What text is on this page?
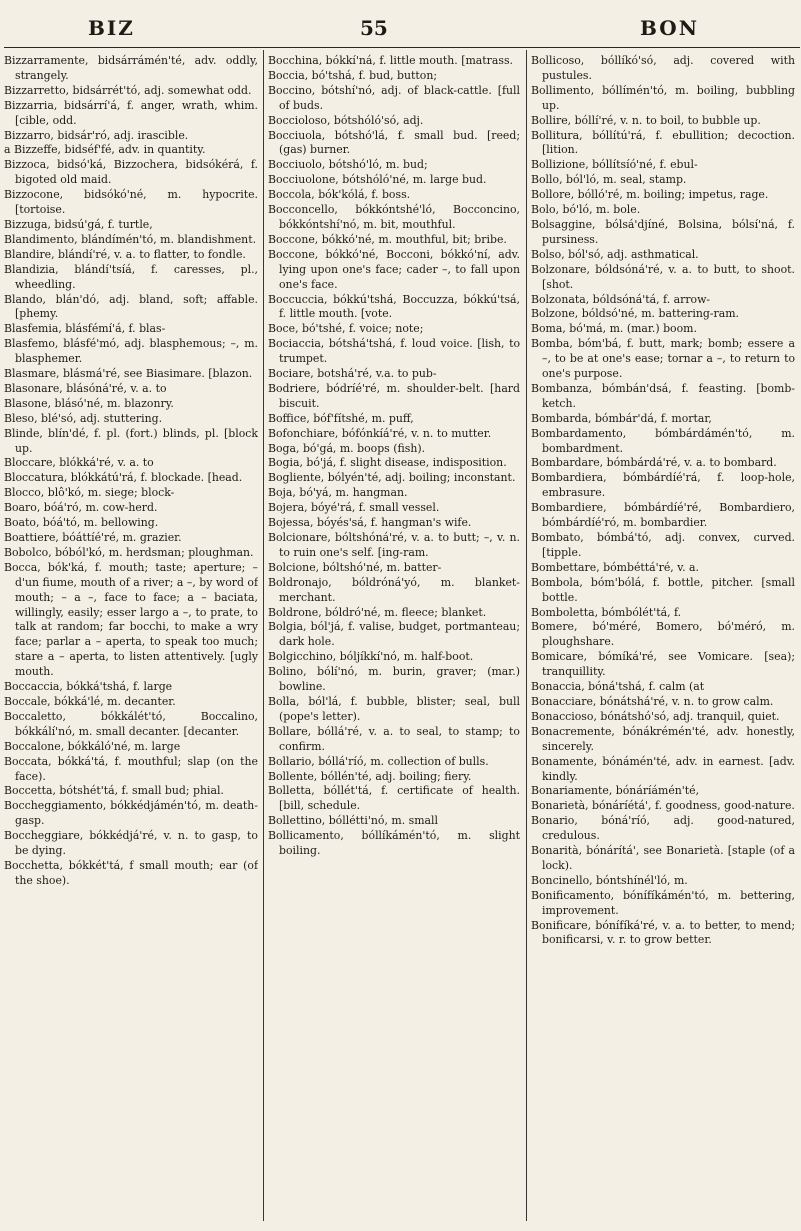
BIZ	55	BON

Bizzarramente, bidsárrámén'té, adv. oddly, strangely.

Bizzarretto, bidsárrét'tó, adj. somewhat odd.

Bizzarria, bidsárrí'á, f. anger, wrath, whim. [cible, odd.

Bizzarro, bidsár'ró, adj. irascible.

a Bizzeffe, bidséf'fé, adv. in quantity.

Bizzoca, bidsó'ká, Bizzochera, bidsókérá, f. bigoted old maid.

Bizzocone, bidsókó'né, m. hypocrite. [tortoise.

Bizzuga, bidsú'gá, f. turtle,

Blandimento, blándímén'tó, m. blandishment.

Blandire, blándí'ré, v. a. to flatter, to fondle.

Blandizia, blándí'tsíá, f. caresses, pl., wheedling.

Blando, blán'dó, adj. bland, soft; affable. [phemy.

Blasfemia, blásfémí'á, f. blas-

Blasfemo, blásfé'mó, adj. blasphemous; –, m. blasphemer.

Blasmare, blásmá'ré, see Biasimare. [blazon.

Blasonare, blásóná'ré, v. a. to

Blasone, blásó'né, m. blazonry.

Bleso, blé'só, adj. stuttering.

Blinde, blín'dé, f. pl. (fort.) blinds, pl. [block up.

Bloccare, blókká'ré, v. a. to

Bloccatura, blókkátú'rá, f. blockade. [head.

Blocco, blô'kó, m. siege; block-

Boaro, bóá'ró, m. cow-herd.

Boato, bóá'tó, m. bellowing.

Boattiere, bóáttíé'ré, m. grazier.

Bobolco, bóból'kó, m. herdsman; ploughman.

Bocca, bók'ká, f. mouth; taste; aperture; – d'un fiume, mouth of a river; a –, by word of mouth; – a –, face to face; a – baciata, willingly, easily; esser largo a –, to prate, to talk at random; far bocchi, to make a wry face; parlar a – aperta, to speak too much; stare a – aperta, to listen attentively. [ugly mouth.

Boccaccia, bókká'tshá, f. large

Boccale, bókká'lé, m. decanter.

Boccaletto, bókkálét'tó, Boccalino, bókkálí'nó, m. small decanter. [decanter.

Boccalone, bókkáló'né, m. large

Boccata, bókká'tá, f. mouthful; slap (on the face).

Boccetta, bótshét'tá, f. small bud; phial.

Boccheggiamento, bókkédjámén'tó, m. death-gasp.

Boccheggiare, bókkédjá'ré, v. n. to gasp, to be dying.

Bocchetta, bókkét'tá, f small mouth; ear (of the shoe).

Bocchina, bókkí'ná, f. little mouth. [matrass.

Boccia, bó'tshá, f. bud, button;

Boccino, bótshí'nó, adj. of black-cattle. [full of buds.

Boccioloso, bótshóló'só, adj.

Bocciuola, bótshó'lá, f. small bud. [reed; (gas) burner.

Bocciuolo, bótshó'ló, m. bud;

Bocciuolone, bótshóló'né, m. large bud.

Boccola, bók'kólá, f. boss.

Bocconcello, bókkóntshé'ló, Bocconcino, bókkóntshí'nó, m. bit, mouthful.

Boccone, bókkó'né, m. mouthful, bit; bribe.

Boccone, bókkó'né, Bocconi, bókkó'ní, adv. lying upon one's face; cader –, to fall upon one's face.

Boccuccia, bókkú'tshá, Boccuzza, bókkú'tsá, f. little mouth. [vote.

Boce, bó'tshé, f. voice; note;

Bociaccia, bótshá'tshá, f. loud voice. [lish, to trumpet.

Bociare, botshá'ré, v.a. to pub-

Bodriere, bódríé'ré, m. shoulder-belt. [hard biscuit.

Boffice, bóf'fítshé, m. puff,

Bofonchiare, bófónkíá'ré, v. n. to mutter.

Boga, bó'gá, m. boops (fish).

Bogia, bó'já, f. slight disease, indisposition.

Bogliente, bólyén'té, adj. boiling; inconstant.

Boja, bó'yá, m. hangman.

Bojera, bóyé'rá, f. small vessel.

Bojessa, bóyés'sá, f. hangman's wife.

Bolcionare, bóltshóná'ré, v. a. to butt; –, v. n. to ruin one's self. [ing-ram.

Bolcione, bóltshó'né, m. batter-

Boldronajo, bóldróná'yó, m. blanket-merchant.

Boldrone, bóldró'né, m. fleece; blanket.

Bolgia, ból'já, f. valise, budget, portmanteau; dark hole.

Bolgicchino, bóljíkkí'nó, m. half-boot.

Bolino, bólí'nó, m. burin, graver; (mar.) bowline.

Bolla, ból'lá, f. bubble, blister; seal, bull (pope's letter).

Bollare, bóllá'ré, v. a. to seal, to stamp; to confirm.

Bollario, bóllá'ríó, m. collection of bulls.

Bollente, bóllén'té, adj. boiling; fiery.

Bolletta, bóllét'tá, f. certificate of health. [bill, schedule.

Bollettino, bóllétti'nó, m. small

Bollicamento, bóllíkámén'tó, m. slight boiling.

Bollicoso, bóllíkó'só, adj. covered with pustules.

Bollimento, bóllímén'tó, m. boiling, bubbling up.

Bollire, bóllí'ré, v. n. to boil, to bubble up.

Bollitura, bóllítú'rá, f. ebullition; decoction. [lition.

Bollizione, bóllítsíó'né, f. ebul-

Bollo, ból'ló, m. seal, stamp.

Bollore, bólló'ré, m. boiling; impetus, rage.

Bolo, bó'ló, m. bole.

Bolsaggine, bólsá'djíné, Bolsina, bólsí'ná, f. pursiness.

Bolso, ból'só, adj. asthmatical.

Bolzonare, bóldsóná'ré, v. a. to butt, to shoot. [shot.

Bolzonata, bóldsóná'tá, f. arrow-

Bolzone, bóldsó'né, m. battering-ram.

Boma, bó'má, m. (mar.) boom.

Bomba, bóm'bá, f. butt, mark; bomb; essere a –, to be at one's ease; tornar a –, to return to one's purpose.

Bombanza, bómbán'dsá, f. feasting. [bomb-ketch.

Bombarda, bómbár'dá, f. mortar,

Bombardamento, bómbárdámén'tó, m. bombardment.

Bombardare, bómbárdá'ré, v. a. to bombard.

Bombardiera, bómbárdíé'rá, f. loop-hole, embrasure.

Bombardiere, bómbárdíé'ré, Bombardiero, bómbárdíé'ró, m. bombardier.

Bombato, bómbá'tó, adj. convex, curved. [tipple.

Bombettare, bómbéttá'ré, v. a.

Bombola, bóm'bólá, f. bottle, pitcher. [small bottle.

Bomboletta, bómbólét'tá, f.

Bomere, bó'méré, Bomero, bó'méró, m. ploughshare.

Bomicare, bómíká'ré, see Vomicare. [sea); tranquillity.

Bonaccia, bóná'tshá, f. calm (at

Bonacciare, bónátshá'ré, v. n. to grow calm.

Bonaccioso, bónátshó'só, adj. tranquil, quiet.

Bonacremente, bónákrémén'té, adv. honestly, sincerely.

Bonamente, bónámén'té, adv. in earnest. [adv. kindly.

Bonariamente, bónáríámén'té,

Bonarietà, bónáríétá', f. goodness, good-nature.

Bonario, bóná'ríó, adj. good-natured, credulous.

Bonarità, bónárítá', see Bonarietà. [staple (of a lock).

Boncinello, bóntshínél'ló, m.

Bonificamento, bónífíkámén'tó, m. bettering, improvement.

Bonificare, bónífíká'ré, v. a. to better, to mend; bonificarsi, v. r. to grow better.
